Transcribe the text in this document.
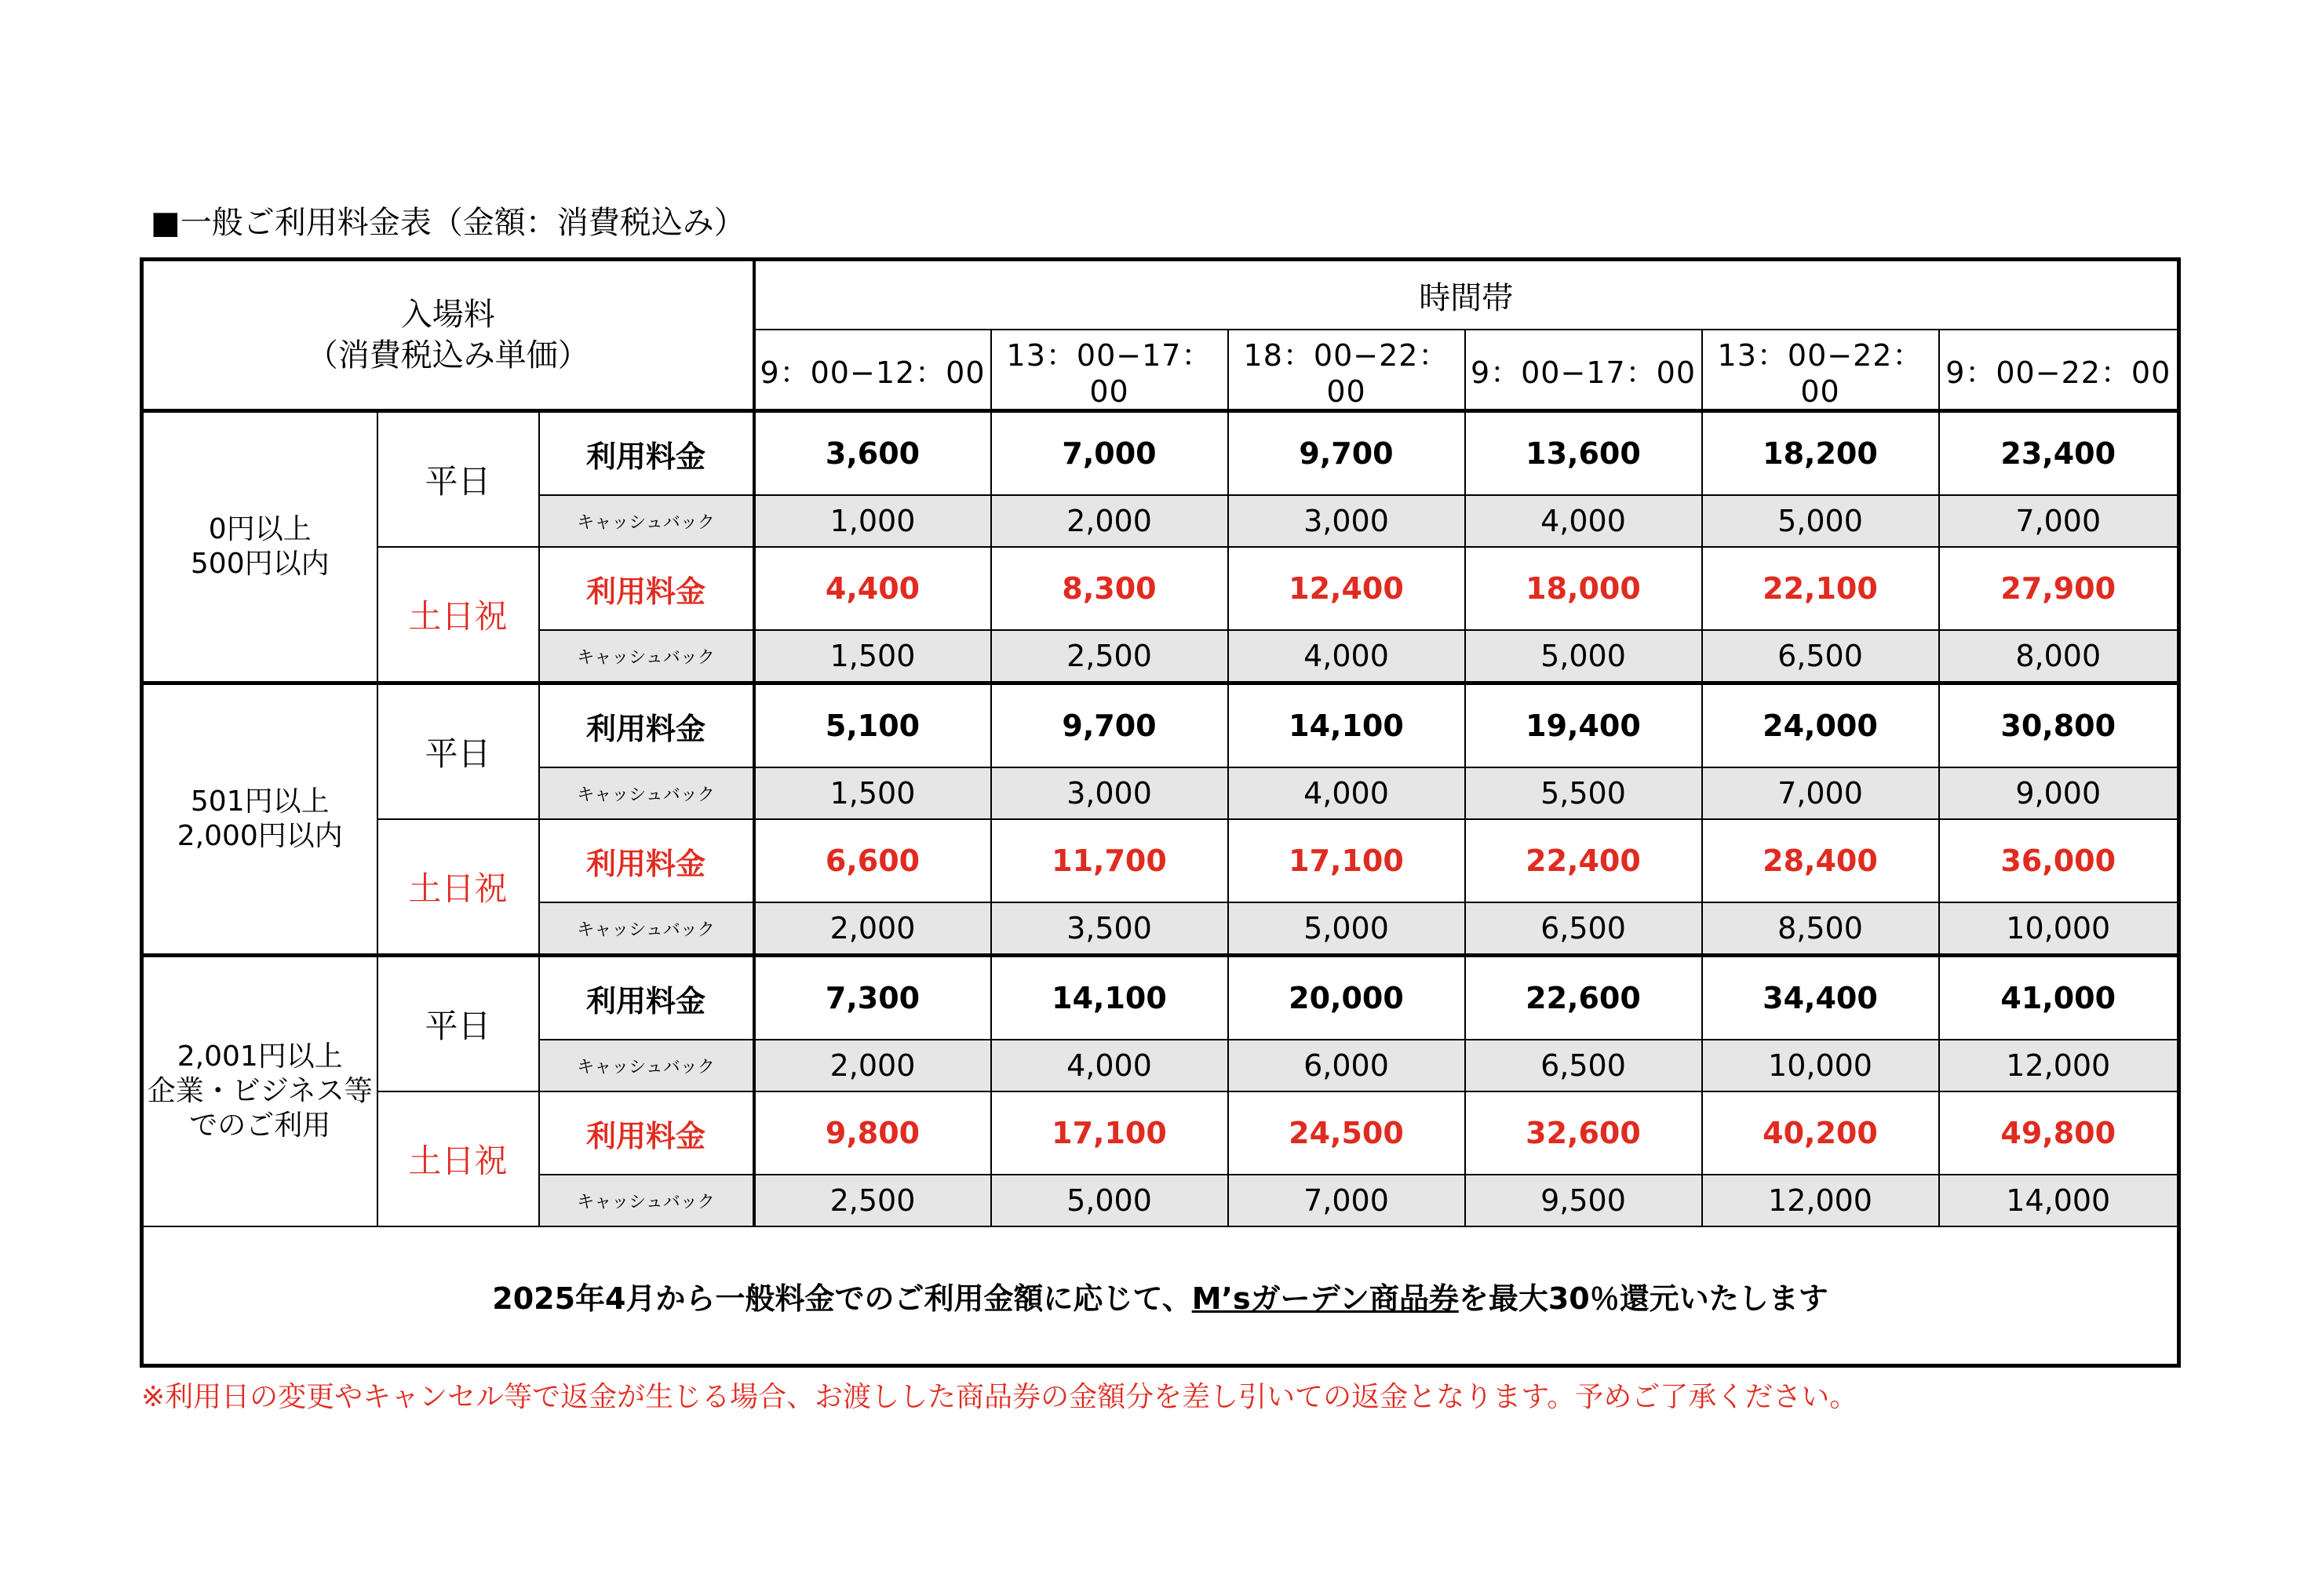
■一般ご利用料金表（金額：消費税込み）
入場料
（消費税込み単価）			時間帯					
			9：00−12：00	13：00−17：00	18：00−22：00	9：00−17：00	13：00−22：00	9：00−22：00

0円以上
500円以内	平日	利用料金	3,600	7,000	9,700	13,600	18,200	23,400
		キャッシュバック	1,000	2,000	3,000	4,000	5,000	7,000
	土日祝	利用料金	4,400	8,300	12,400	18,000	22,100	27,900
		キャッシュバック	1,500	2,500	4,000	5,000	6,500	8,000

501円以上
2,000円以内	平日	利用料金	5,100	9,700	14,100	19,400	24,000	30,800
		キャッシュバック	1,500	3,000	4,000	5,500	7,000	9,000
	土日祝	利用料金	6,600	11,700	17,100	22,400	28,400	36,000
		キャッシュバック	2,000	3,500	5,000	6,500	8,500	10,000

2,001円以上
企業・ビジネス等
でのご利用	平日	利用料金	7,300	14,100	20,000	22,600	34,400	41,000
		キャッシュバック	2,000	4,000	6,000	6,500	10,000	12,000
	土日祝	利用料金	9,800	17,100	24,500	32,600	40,200	49,800
		キャッシュバック	2,500	5,000	7,000	9,500	12,000	14,000
2025年4月から一般料金でのご利用金額に応じて、M’sガーデン商品券を最大30％還元いたします								
※利用日の変更やキャンセル等で返金が生じる場合、お渡しした商品券の金額分を差し引いての返金となります。予めご了承ください。
